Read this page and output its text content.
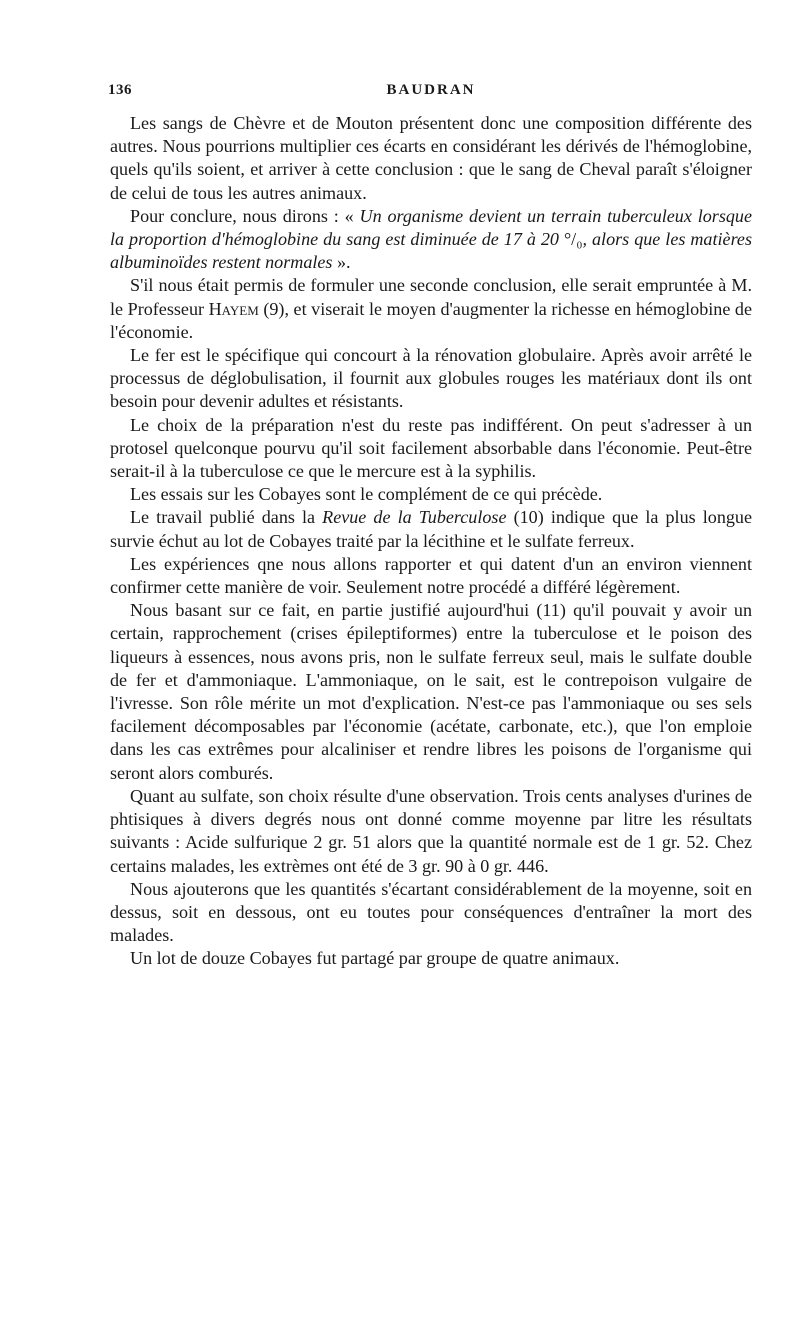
136	BAUDRAN

Les sangs de Chèvre et de Mouton présentent donc une composition différente des autres. Nous pourrions multiplier ces écarts en considérant les dérivés de l'hémoglobine, quels qu'ils soient, et arriver à cette conclusion : que le sang de Cheval paraît s'éloigner de celui de tous les autres animaux.

Pour conclure, nous dirons : « Un organisme devient un terrain tuberculeux lorsque la proportion d'hémoglobine du sang est diminuée de 17 à 20 °/₀, alors que les matières albuminoïdes restent normales ».

S'il nous était permis de formuler une seconde conclusion, elle serait empruntée à M. le Professeur Hayem (9), et viserait le moyen d'augmenter la richesse en hémoglobine de l'économie.

Le fer est le spécifique qui concourt à la rénovation globulaire. Après avoir arrêté le processus de déglobulisation, il fournit aux globules rouges les matériaux dont ils ont besoin pour devenir adultes et résistants.

Le choix de la préparation n'est du reste pas indifférent. On peut s'adresser à un protosel quelconque pourvu qu'il soit facilement absorbable dans l'économie. Peut-être serait-il à la tuberculose ce que le mercure est à la syphilis.

Les essais sur les Cobayes sont le complément de ce qui précède.

Le travail publié dans la Revue de la Tuberculose (10) indique que la plus longue survie échut au lot de Cobayes traité par la lécithine et le sulfate ferreux.

Les expériences qne nous allons rapporter et qui datent d'un an environ viennent confirmer cette manière de voir. Seulement notre procédé a différé légèrement.

Nous basant sur ce fait, en partie justifié aujourd'hui (11) qu'il pouvait y avoir un certain, rapprochement (crises épileptiformes) entre la tuberculose et le poison des liqueurs à essences, nous avons pris, non le sulfate ferreux seul, mais le sulfate double de fer et d'ammoniaque. L'ammoniaque, on le sait, est le contrepoison vulgaire de l'ivresse. Son rôle mérite un mot d'explication. N'est-ce pas l'ammoniaque ou ses sels facilement décomposables par l'économie (acétate, carbonate, etc.), que l'on emploie dans les cas extrêmes pour alcaliniser et rendre libres les poisons de l'organisme qui seront alors comburés.

Quant au sulfate, son choix résulte d'une observation. Trois cents analyses d'urines de phtisiques à divers degrés nous ont donné comme moyenne par litre les résultats suivants : Acide sulfurique 2 gr. 51 alors que la quantité normale est de 1 gr. 52. Chez certains malades, les extrèmes ont été de 3 gr. 90 à 0 gr. 446.

Nous ajouterons que les quantités s'écartant considérablement de la moyenne, soit en dessus, soit en dessous, ont eu toutes pour conséquences d'entraîner la mort des malades.

Un lot de douze Cobayes fut partagé par groupe de quatre animaux.
